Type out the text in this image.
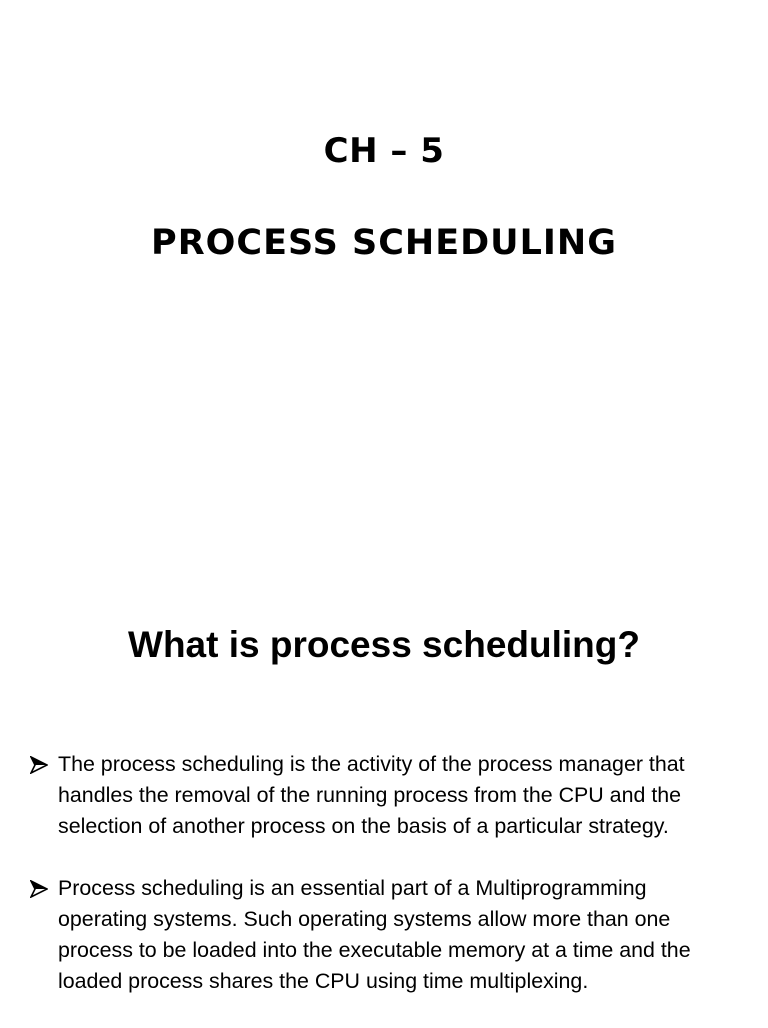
CH – 5
PROCESS SCHEDULING
What is process scheduling?
The process scheduling is the activity of the process manager that handles the removal of the running process from the CPU and the selection of another process on the basis of a particular strategy.
Process scheduling is an essential part of a Multiprogramming operating systems. Such operating systems allow more than one process to be loaded into the executable memory at a time and the loaded process shares the CPU using time multiplexing.
